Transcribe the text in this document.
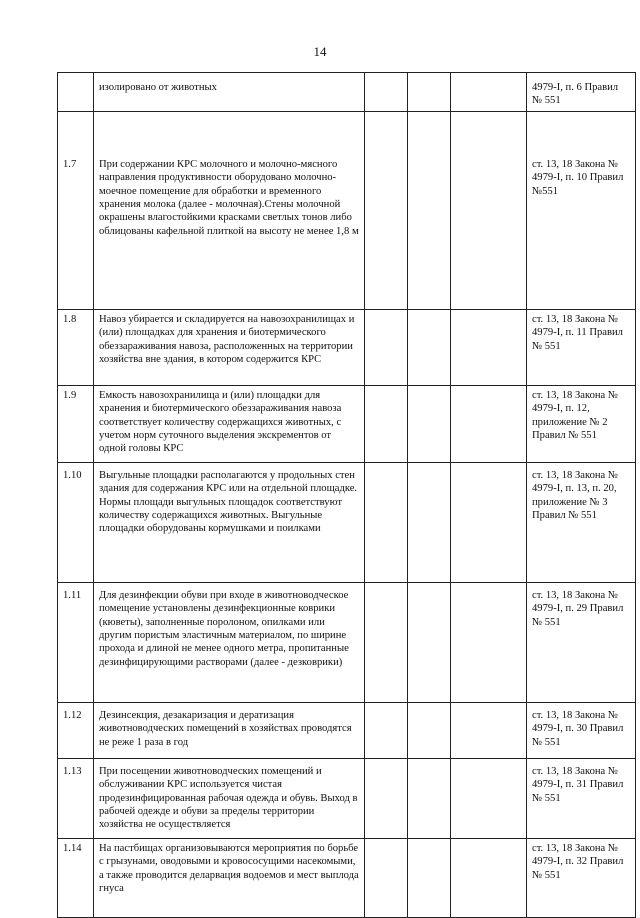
14
	изолировано от животных				4979-I, п. 6 Правил № 551
1.7	При содержании КРС молочного и молочно-мясного направления продуктивности оборудовано молочно-моечное помещение для обработки и временного хранения молока (далее - молочная).Стены молочной окрашены влагостойкими красками светлых тонов либо облицованы кафельной плиткой на высоту не менее 1,8 м				ст. 13, 18 Закона № 4979-I, п. 10 Правил №551
1.8	Навоз убирается и складируется на навозохранилищах и (или) площадках для хранения и биотермического обеззараживания навоза, расположенных на территории хозяйства вне здания, в котором содержится КРС				ст. 13, 18 Закона № 4979-I, п. 11 Правил № 551
1.9	Емкость навозохранилища и (или) площадки для хранения и биотермического обеззараживания навоза соответствует количеству содержащихся животных, с учетом норм суточного выделения экскрементов от одной головы КРС				ст. 13, 18 Закона № 4979-I, п. 12, приложение № 2 Правил № 551
1.10	Выгульные площадки располагаются у продольных стен здания для содержания КРС или на отдельной площадке. Нормы площади выгульных площадок соответствуют количеству содержащихся животных. Выгульные площадки оборудованы кормушками и поилками				ст. 13, 18 Закона № 4979-I, п. 13, п. 20, приложение № 3 Правил № 551
1.11	Для дезинфекции обуви при входе в животноводческое помещение установлены дезинфекционные коврики (кюветы), заполненные поролоном, опилками или другим пористым эластичным материалом, по ширине прохода и длиной не менее одного метра, пропитанные дезинфицирующими растворами (далее - дезковрики)				ст. 13, 18 Закона № 4979-I, п. 29 Правил № 551
1.12	Дезинсекция, дезакаризация и дератизация животноводческих помещений в хозяйствах проводятся не реже 1 раза в год				ст. 13, 18 Закона № 4979-I, п. 30 Правил № 551
1.13	При посещении животноводческих помещений и обслуживании КРС используется чистая продезинфицированная рабочая одежда и обувь. Выход в рабочей одежде и обуви за пределы территории хозяйства не осуществляется				ст. 13, 18 Закона № 4979-I, п. 31 Правил № 551
1.14	На пастбищах организовываются мероприятия по борьбе с грызунами, оводовыми и кровососущими насекомыми, а также проводится деларвация водоемов и мест выплода гнуса				ст. 13, 18 Закона № 4979-I, п. 32 Правил № 551
